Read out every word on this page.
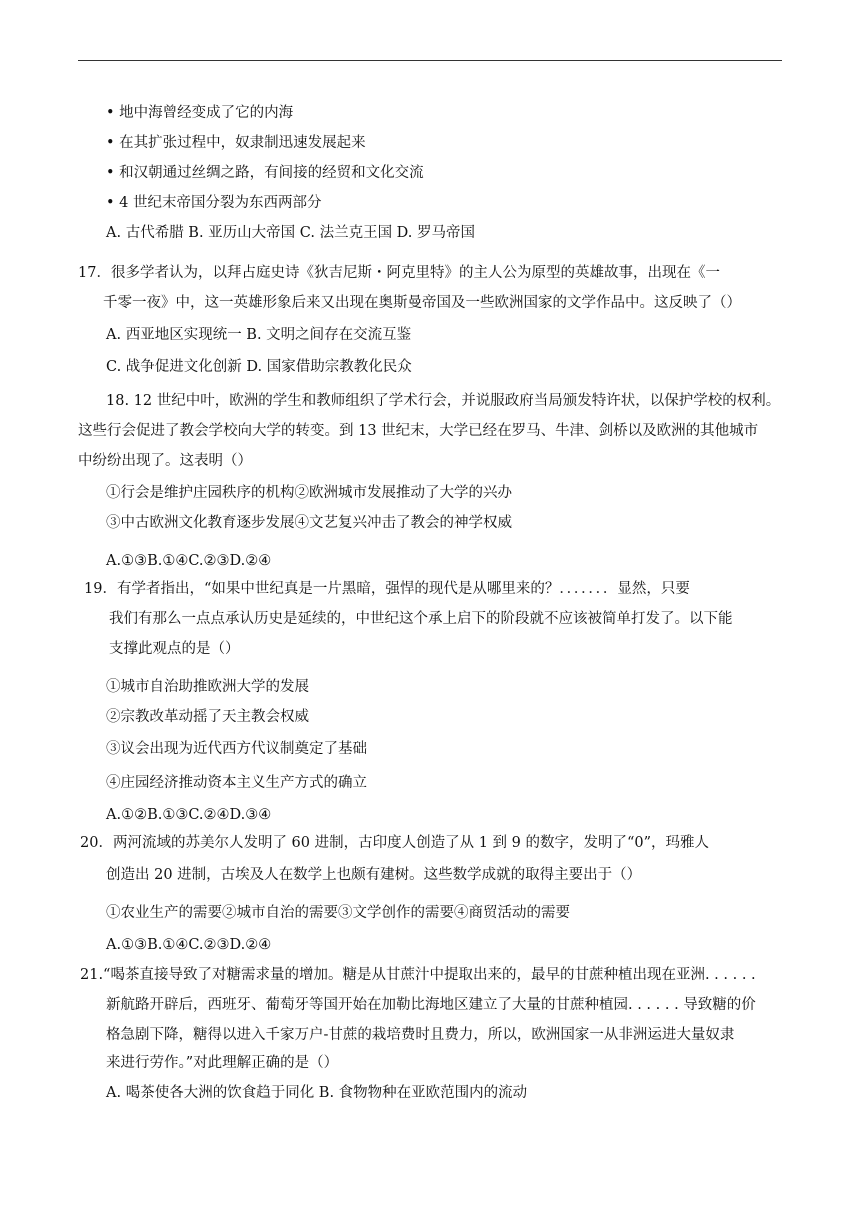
• 地中海曾经变成了它的内海
• 在其扩张过程中，奴隶制迅速发展起来
• 和汉朝通过丝绸之路，有间接的经贸和文化交流
• 4 世纪末帝国分裂为东西两部分
A. 古代希腊 B. 亚历山大帝国 C. 法兰克王国 D. 罗马帝国
17．很多学者认为，以拜占庭史诗《狄吉尼斯・阿克里特》的主人公为原型的英雄故事，出现在《一
千零一夜》中，这一英雄形象后来又出现在奥斯曼帝国及一些欧洲国家的文学作品中。这反映了（）
A. 西亚地区实现统一 B. 文明之间存在交流互鉴
C. 战争促进文化创新 D. 国家借助宗教教化民众
18. 12 世纪中叶，欧洲的学生和教师组织了学术行会，并说服政府当局颁发特许状，以保护学校的权利。
这些行会促进了教会学校向大学的转变。到 13 世纪末，大学已经在罗马、牛津、剑桥以及欧洲的其他城市
中纷纷出现了。这表明（）
①行会是维护庄园秩序的机构②欧洲城市发展推动了大学的兴办
③中古欧洲文化教育逐步发展④文艺复兴冲击了教会的神学权威
A.①③B.①④C.②③D.②④
19．有学者指出，“如果中世纪真是一片黑暗，强悍的现代是从哪里来的？．．．．．．．显然，只要
我们有那么一点点承认历史是延续的，中世纪这个承上启下的阶段就不应该被简单打发了。以下能
支撑此观点的是（）
①城市自治助推欧洲大学的发展
②宗教改革动摇了天主教会权威
③议会出现为近代西方代议制奠定了基础
④庄园经济推动资本主义生产方式的确立
A.①②B.①③C.②④D.③④
20．两河流域的苏美尔人发明了 60 进制，古印度人创造了从 1 到 9 的数字，发明了“0”，玛雅人
创造出 20 进制，古埃及人在数学上也颇有建树。这些数学成就的取得主要出于（）
①农业生产的需要②城市自治的需要③文学创作的需要④商贸活动的需要
A.①③B.①④C.②③D.②④
21.“喝茶直接导致了对糖需求量的增加。糖是从甘蔗汁中提取出来的，最早的甘蔗种植出现在亚洲. . . . . .
新航路开辟后，西班牙、葡萄牙等国开始在加勒比海地区建立了大量的甘蔗种植园. . . . . . 导致糖的价
格急剧下降，糖得以进入千家万户-甘蔗的栽培费时且费力，所以，欧洲国家一从非洲运进大量奴隶
来进行劳作。”对此理解正确的是（）
A. 喝茶使各大洲的饮食趋于同化 B. 食物物种在亚欧范围内的流动
